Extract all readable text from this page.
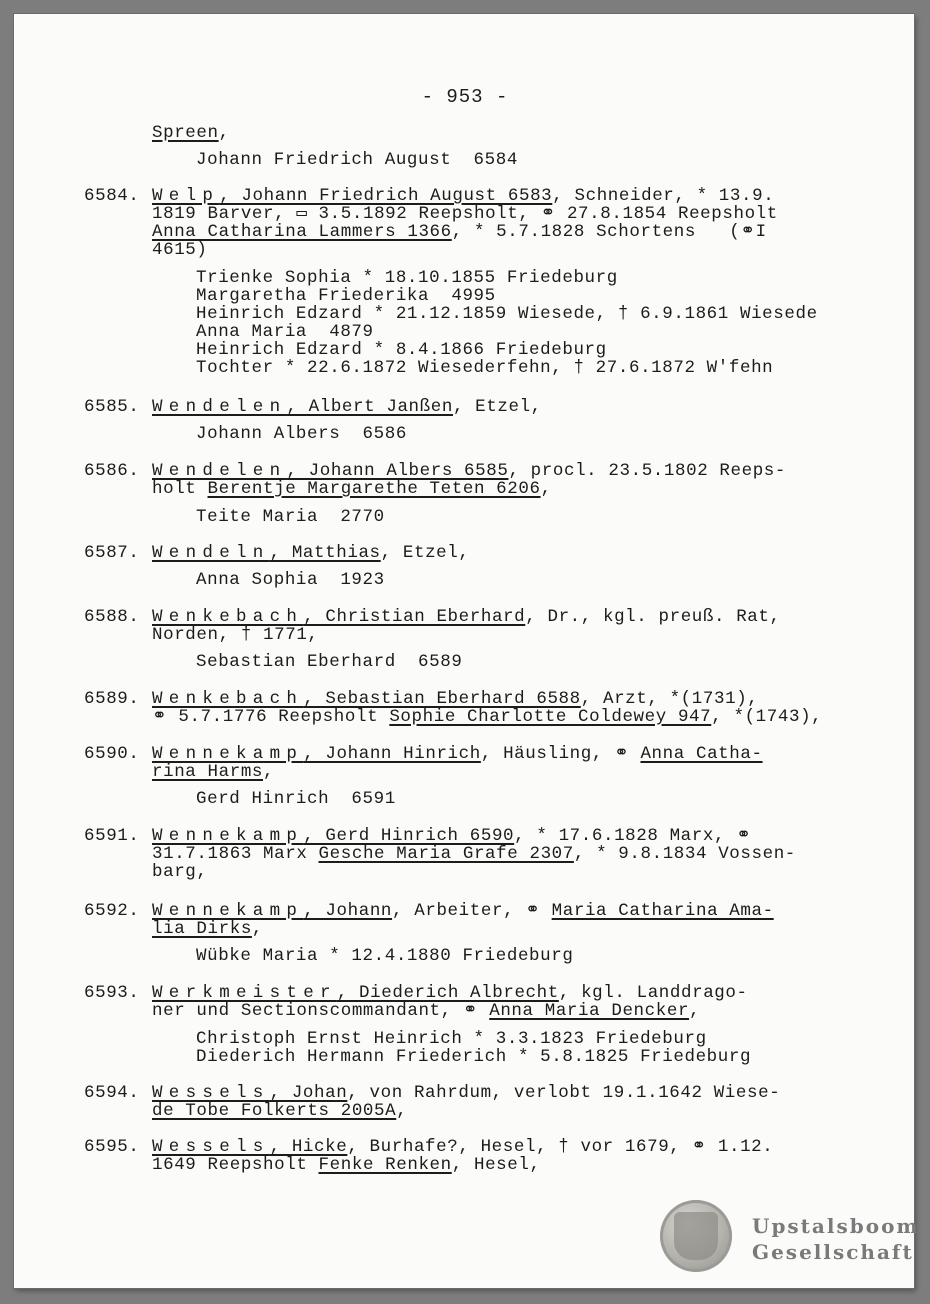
- 953 -
Spreen,
Johann Friedrich August  6584
Welp, Johann Friedrich August 6583, Schneider, * 13.9.
6584.
1819 Barver, ▭ 3.5.1892 Reepsholt, ⚭ 27.8.1854 Reepsholt
Anna Catharina Lammers 1366, * 5.7.1828 Schortens   (⚭I
4615)
Trienke Sophia * 18.10.1855 Friedeburg
Margaretha Friederika  4995
Heinrich Edzard * 21.12.1859 Wiesede, † 6.9.1861 Wiesede
Anna Maria  4879
Heinrich Edzard * 8.4.1866 Friedeburg
Tochter * 22.6.1872 Wiesederfehn, † 27.6.1872 W'fehn
Wendelen, Albert Janßen, Etzel,
6585.
Johann Albers  6586
Wendelen, Johann Albers 6585, procl. 23.5.1802 Reeps-
6586.
holt Berentje Margarethe Teten 6206,
Teite Maria  2770
Wendeln, Matthias, Etzel,
6587.
Anna Sophia  1923
Wenkebach, Christian Eberhard, Dr., kgl. preuß. Rat,
6588.
Norden, † 1771,
Sebastian Eberhard  6589
Wenkebach, Sebastian Eberhard 6588, Arzt, *(1731),
6589.
⚭ 5.7.1776 Reepsholt Sophie Charlotte Coldewey 947, *(1743),
Wennekamp, Johann Hinrich, Häusling, ⚭ Anna Catha-
6590.
rina Harms,
Gerd Hinrich  6591
Wennekamp, Gerd Hinrich 6590, * 17.6.1828 Marx, ⚭
6591.
31.7.1863 Marx Gesche Maria Grafe 2307, * 9.8.1834 Vossen-
barg,
Wennekamp, Johann, Arbeiter, ⚭ Maria Catharina Ama-
6592.
lia Dirks,
Wübke Maria * 12.4.1880 Friedeburg
Werkmeister, Diederich Albrecht, kgl. Landdrago-
6593.
ner und Sectionscommandant, ⚭ Anna Maria Dencker,
Christoph Ernst Heinrich * 3.3.1823 Friedeburg
Diederich Hermann Friederich * 5.8.1825 Friedeburg
Wessels, Johan, von Rahrdum, verlobt 19.1.1642 Wiese-
6594.
de Tobe Folkerts 2005A,
Wessels, Hicke, Burhafe?, Hesel, † vor 1679, ⚭ 1.12.
6595.
1649 Reepsholt Fenke Renken, Hesel,
Upstalsboom
Gesellschaft
